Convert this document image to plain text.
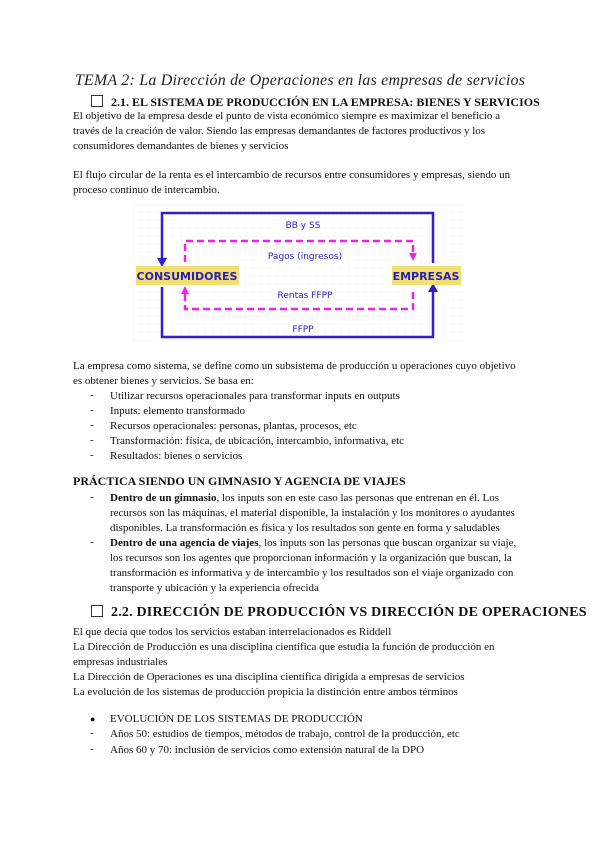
TEMA 2: La Dirección de Operaciones en las empresas de servicios
2.1. EL SISTEMA DE PRODUCCIÓN EN LA EMPRESA: BIENES Y SERVICIOS
El objetivo de la empresa desde el punto de vista económico siempre es maximizar el beneficio a
través de la creación de valor. Siendo las empresas demandantes de factores productivos y los
consumidores demandantes de bienes y servicios
El flujo circular de la renta es el intercambio de recursos entre consumidores y empresas, siendo un
proceso continuo de intercambio.
CONSUMIDORES	EMPRESAS
BB y SS
Pagos (ingresos)
Rentas FFPP
FFPP
La empresa como sistema, se define como un subsistema de producción u operaciones cuyo objetivo
es obtener bienes y servicios. Se basa en:
- Utilizar recursos operacionales para transformar inputs en outputs
- Inputs: elemento transformado
- Recursos operacionales: personas, plantas, procesos, etc
- Transformación: física, de ubicación, intercambio, informativa, etc
- Resultados: bienes o servicios
PRÁCTICA SIENDO UN GIMNASIO Y AGENCIA DE VIAJES
- Dentro de un gimnasio, los inputs son en este caso las personas que entrenan en él. Los
recursos son las máquinas, el material disponible, la instalación y los monitores o ayudantes
disponibles. La transformación es física y los resultados son gente en forma y saludables
- Dentro de una agencia de viajes, los inputs son las personas que buscan organizar su viaje,
los recursos son los agentes que proporcionan información y la organización que buscan, la
transformación es informativa y de intercambio y los resultados son el viaje organizado con
transporte y ubicación y la experiencia ofrecida
2.2. DIRECCIÓN DE PRODUCCIÓN VS DIRECCIÓN DE OPERACIONES
El que decía que todos los servicios estaban interrelacionados es Riddell
La Dirección de Producción es una disciplina científica que estudia la función de producción en
empresas industriales
La Dirección de Operaciones es una disciplina científica dirigida a empresas de servicios
La evolución de los sistemas de producción propicia la distinción entre ambos términos
● EVOLUCIÓN DE LOS SISTEMAS DE PRODUCCIÓN
- Años 50: estudios de tiempos, métodos de trabajo, control de la producción, etc
- Años 60 y 70: inclusión de servicios como extensión natural de la DPO
